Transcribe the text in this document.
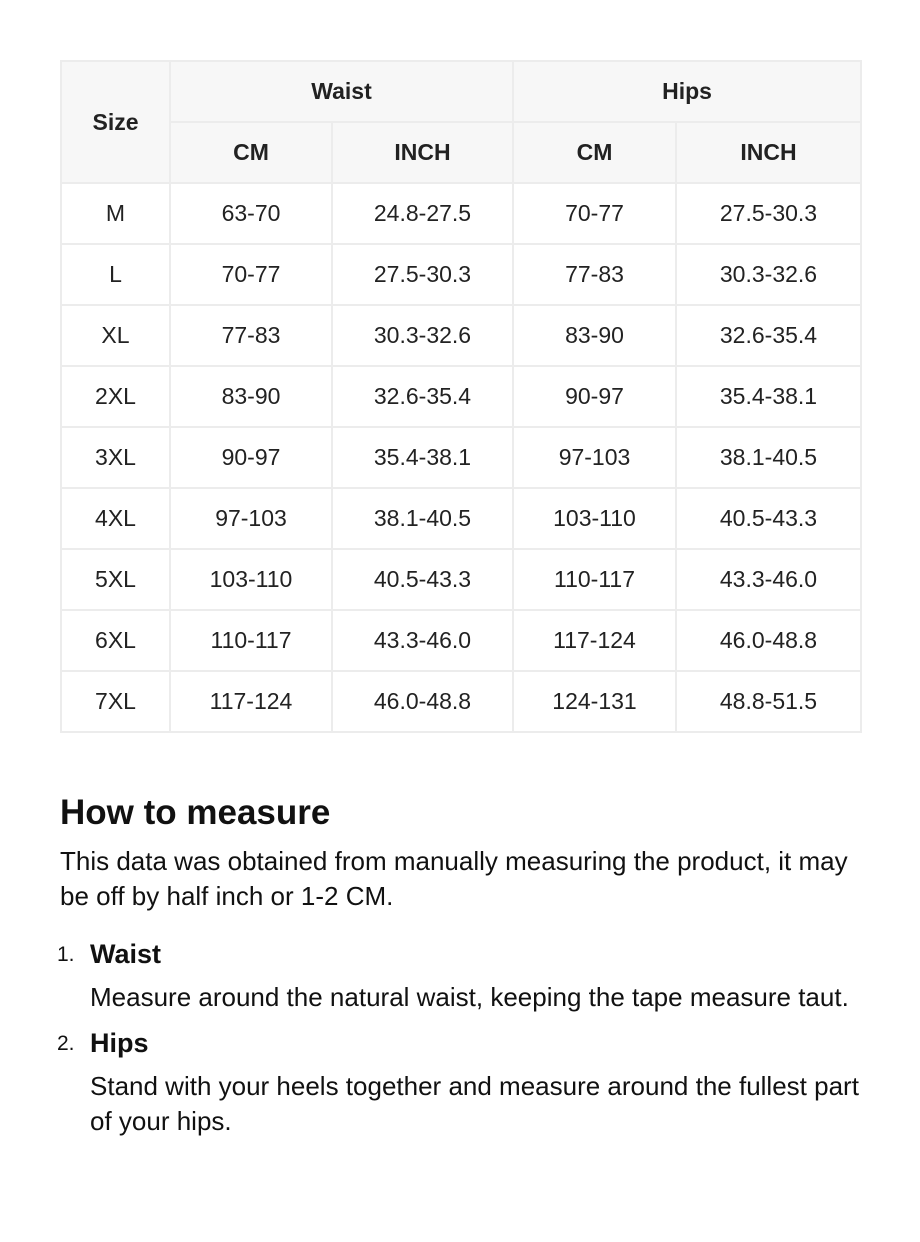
Size	Waist		Hips	
	CM	INCH	CM	INCH
M	63-70	24.8-27.5	70-77	27.5-30.3
L	70-77	27.5-30.3	77-83	30.3-32.6
XL	77-83	30.3-32.6	83-90	32.6-35.4
2XL	83-90	32.6-35.4	90-97	35.4-38.1
3XL	90-97	35.4-38.1	97-103	38.1-40.5
4XL	97-103	38.1-40.5	103-110	40.5-43.3
5XL	103-110	40.5-43.3	110-117	43.3-46.0
6XL	110-117	43.3-46.0	117-124	46.0-48.8
7XL	117-124	46.0-48.8	124-131	48.8-51.5
How to measure

This data was obtained from manually measuring the product, it may be off by half inch or 1-2 CM.

1. Waist
Measure around the natural waist, keeping the tape measure taut.
2. Hips
Stand with your heels together and measure around the fullest part of your hips.
